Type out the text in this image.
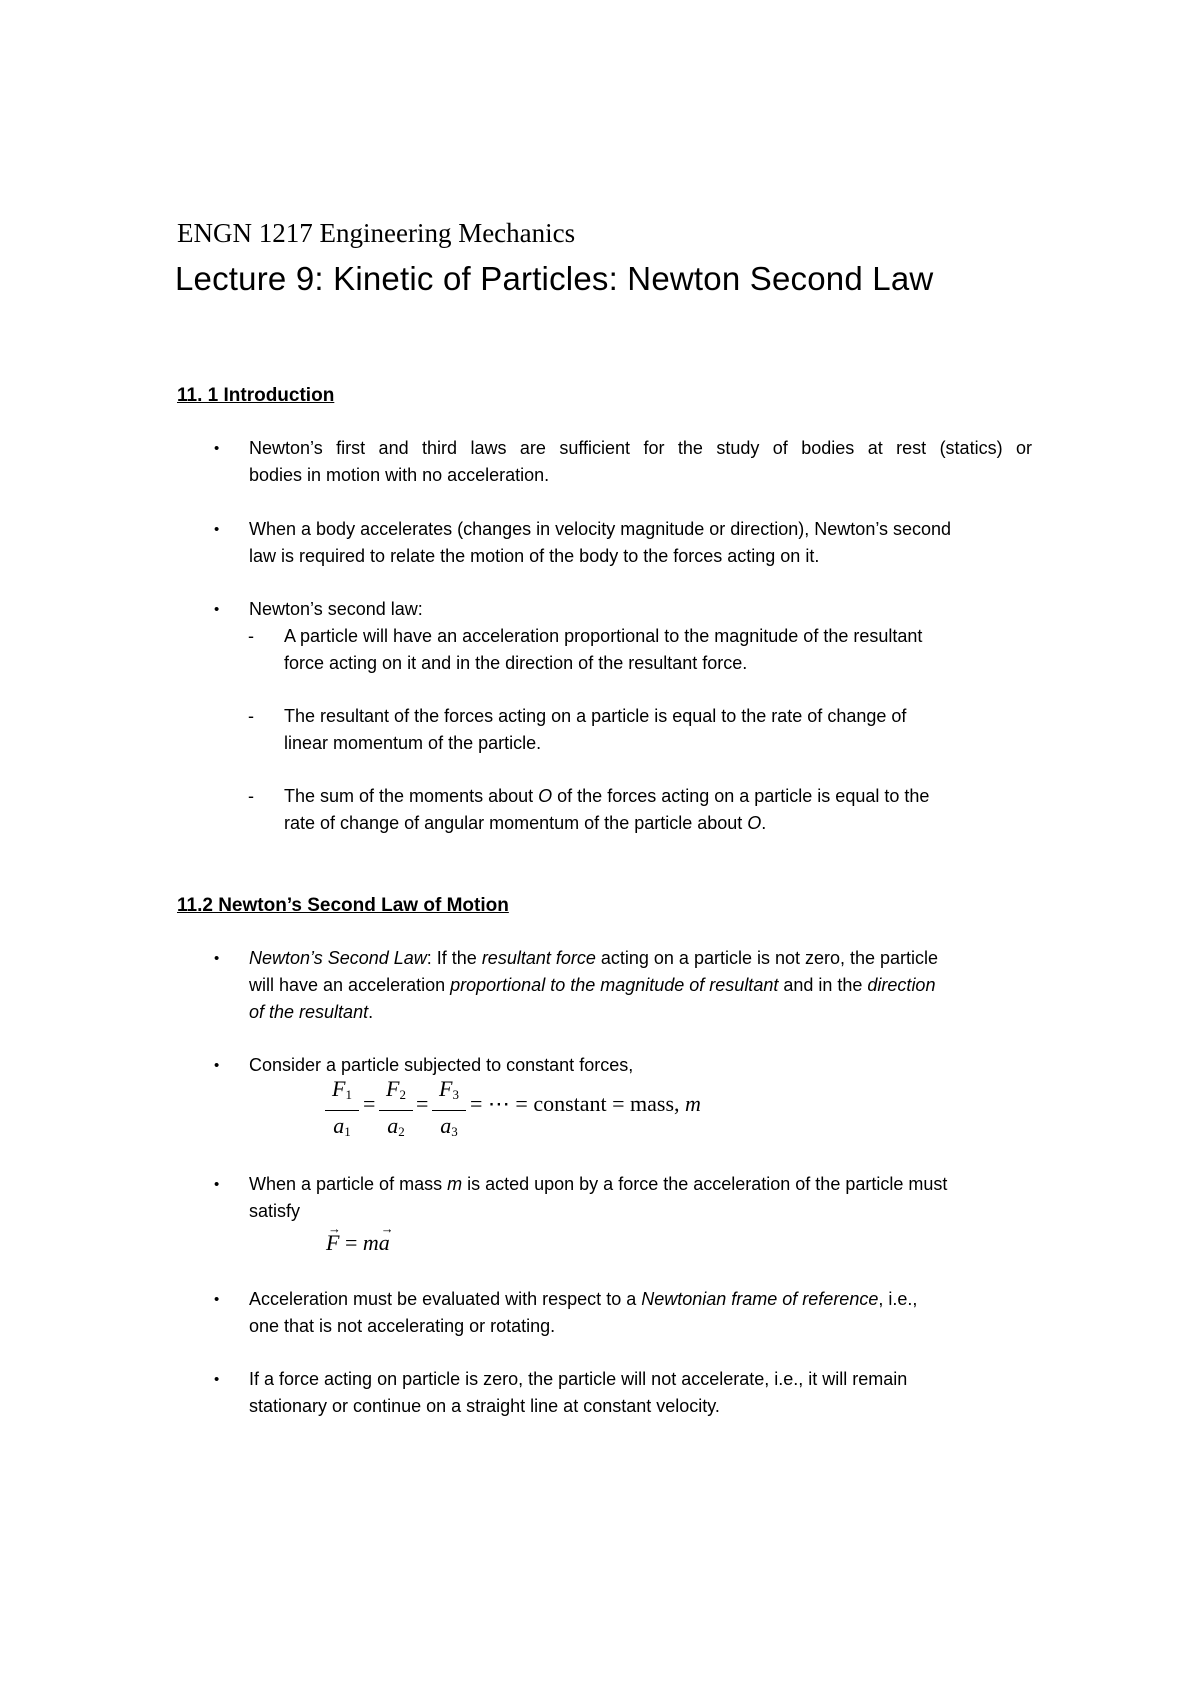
ENGN 1217 Engineering Mechanics
Lecture 9: Kinetic of Particles: Newton Second Law
11. 1 Introduction
• Newton’s first and third laws are sufficient for the study of bodies at rest (statics) or
bodies in motion with no acceleration.
• When a body accelerates (changes in velocity magnitude or direction), Newton’s second
law is required to relate the motion of the body to the forces acting on it.
• Newton’s second law:
- A particle will have an acceleration proportional to the magnitude of the resultant
force acting on it and in the direction of the resultant force.
- The resultant of the forces acting on a particle is equal to the rate of change of
linear momentum of the particle.
- The sum of the moments about O of the forces acting on a particle is equal to the
rate of change of angular momentum of the particle about O.
11.2 Newton’s Second Law of Motion
• Newton’s Second Law: If the resultant force acting on a particle is not zero, the particle
will have an acceleration proportional to the magnitude of resultant and in the direction
of the resultant.
• Consider a particle subjected to constant forces,
$F_1$
$a_1$
=
$F_2$
$a_2$
=
$F_3$
$a_3$
= ⋯ = constant = mass, m
• When a particle of mass m is acted upon by a force the acceleration of the particle must
satisfy
→ F = m→ a
• Acceleration must be evaluated with respect to a Newtonian frame of reference, i.e.,
one that is not accelerating or rotating.
• If a force acting on particle is zero, the particle will not accelerate, i.e., it will remain
stationary or continue on a straight line at constant velocity.
